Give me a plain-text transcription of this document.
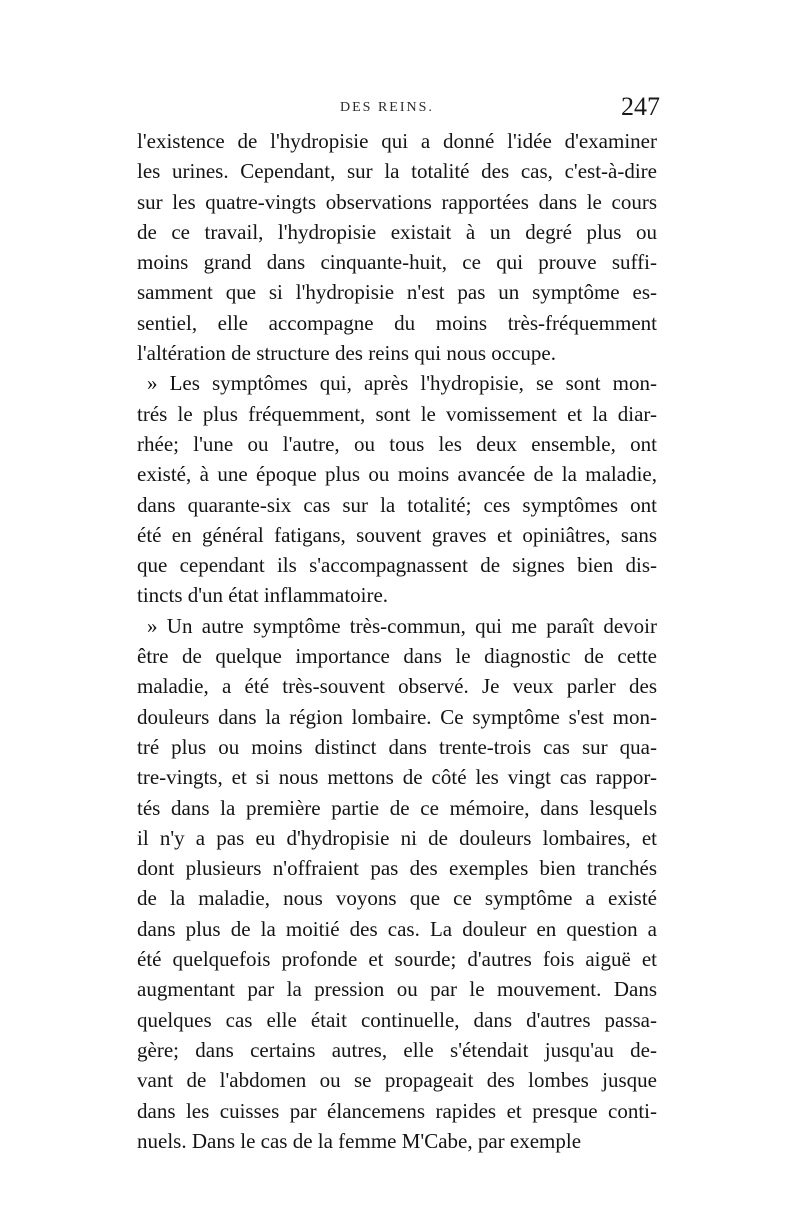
DES REINS.	247
l'existence de l'hydropisie qui a donné l'idée d'examiner
les urines. Cependant, sur la totalité des cas, c'est-à-dire
sur les quatre-vingts observations rapportées dans le cours
de ce travail, l'hydropisie existait à un degré plus ou
moins grand dans cinquante-huit, ce qui prouve suffi-
samment que si l'hydropisie n'est pas un symptôme es-
sentiel, elle accompagne du moins très-fréquemment
l'altération de structure des reins qui nous occupe.
» Les symptômes qui, après l'hydropisie, se sont mon-
trés le plus fréquemment, sont le vomissement et la diar-
rhée; l'une ou l'autre, ou tous les deux ensemble, ont
existé, à une époque plus ou moins avancée de la maladie,
dans quarante-six cas sur la totalité; ces symptômes ont
été en général fatigans, souvent graves et opiniâtres, sans
que cependant ils s'accompagnassent de signes bien dis-
tincts d'un état inflammatoire.
» Un autre symptôme très-commun, qui me paraît devoir
être de quelque importance dans le diagnostic de cette
maladie, a été très-souvent observé. Je veux parler des
douleurs dans la région lombaire. Ce symptôme s'est mon-
tré plus ou moins distinct dans trente-trois cas sur qua-
tre-vingts, et si nous mettons de côté les vingt cas rappor-
tés dans la première partie de ce mémoire, dans lesquels
il n'y a pas eu d'hydropisie ni de douleurs lombaires, et
dont plusieurs n'offraient pas des exemples bien tranchés
de la maladie, nous voyons que ce symptôme a existé
dans plus de la moitié des cas. La douleur en question a
été quelquefois profonde et sourde; d'autres fois aiguë et
augmentant par la pression ou par le mouvement. Dans
quelques cas elle était continuelle, dans d'autres passa-
gère; dans certains autres, elle s'étendait jusqu'au de-
vant de l'abdomen ou se propageait des lombes jusque
dans les cuisses par élancemens rapides et presque conti-
nuels. Dans le cas de la femme M'Cabe, par exemple
